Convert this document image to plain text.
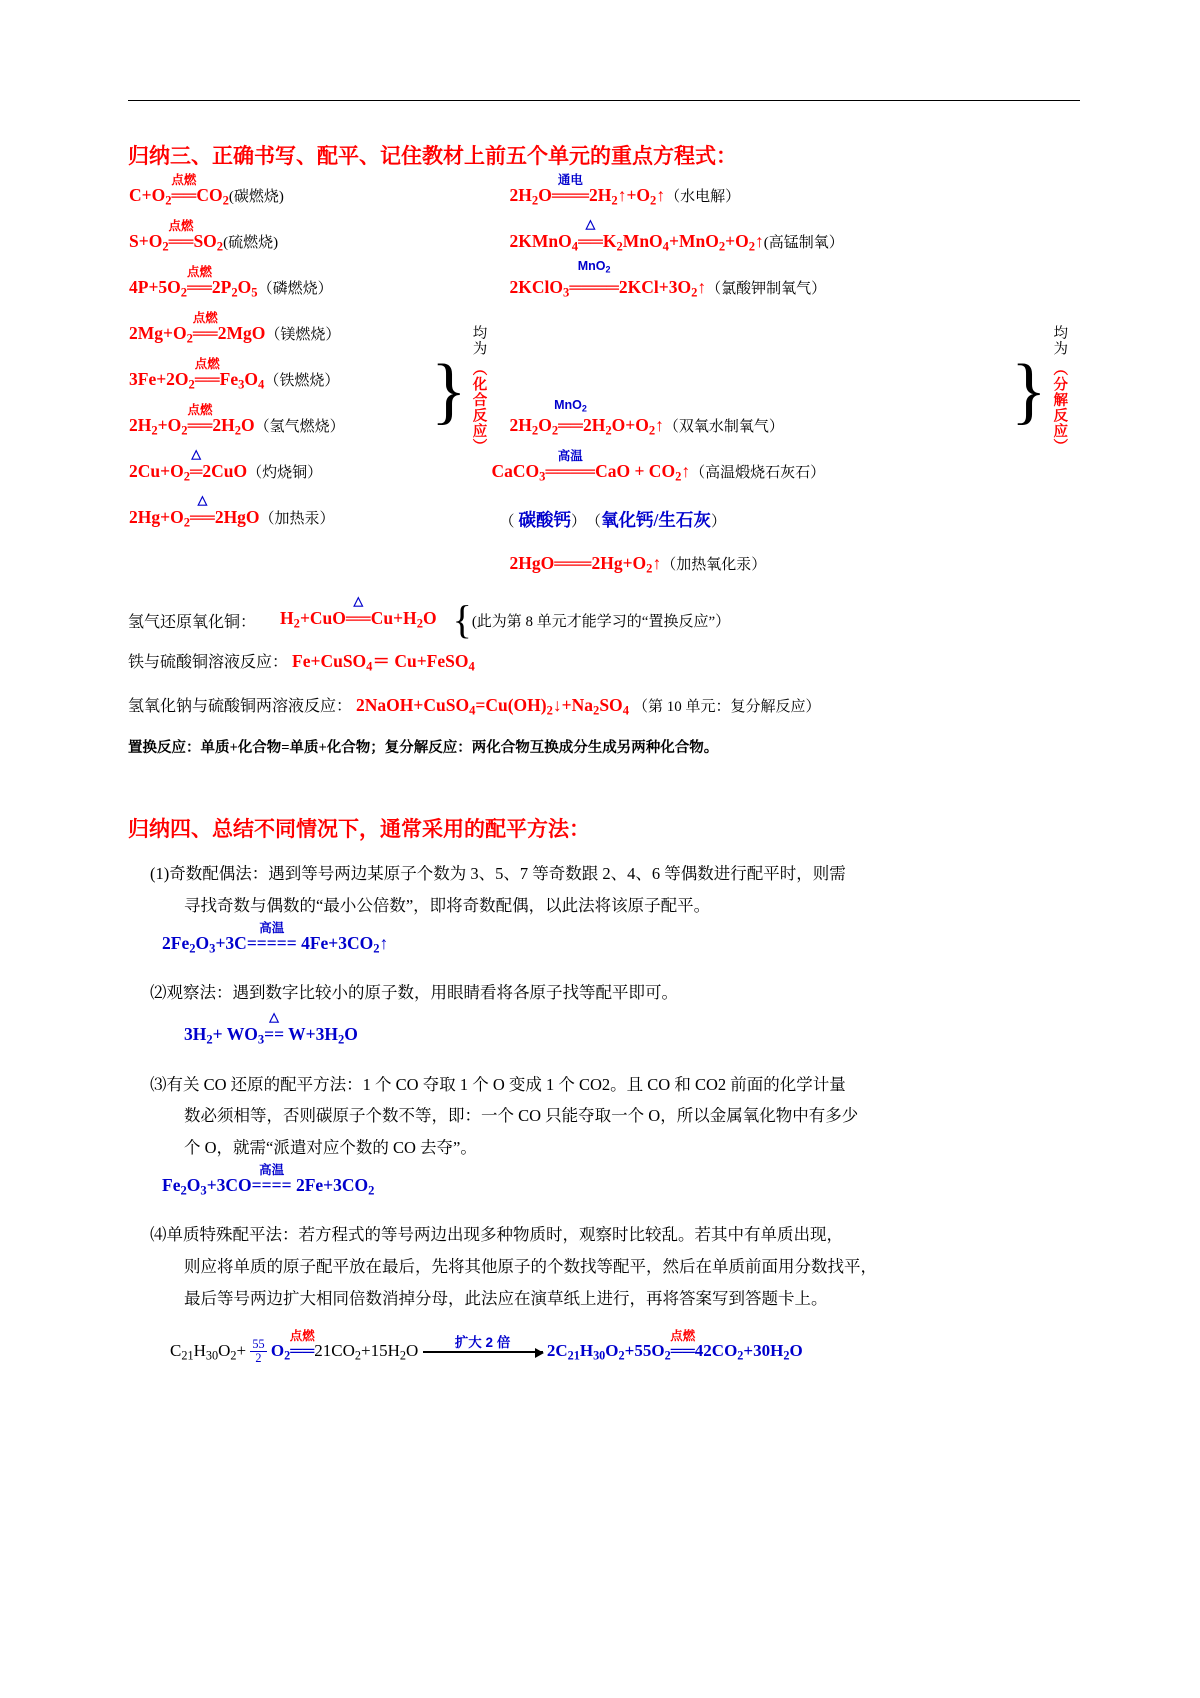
归纳三、正确书写、配平、记住教材上前五个单元的重点方程式：
$C+O_2$
点燃
$══CO_2$(碳燃烧)
$S+O_2$
点燃
$══SO_2$(硫燃烧)
$4P+5O_2$
点燃
$══2P_2O_5$（磷燃烧）
$2Mg+O_2$
点燃
══2MgO（镁燃烧）
$3Fe+2O_2$
点燃
$══Fe_3O_4$（铁燃烧）
$2H_2+O_2$
点燃
$══2H_2O$（氢气燃烧）
$2Cu+O_2$
△
═2CuO（灼烧铜）
$2Hg+O_2$
△
══2HgO（加热汞）

}
均为 （化合反应）

$2H_2O$
通电
$═══2H_2↑+O_2↑$（水电解）
2KMnO$_4$
△
$══K_2MnO_4+MnO_2+O_2↑$(高锰制氧）
2KClO$_3$
MnO$_2$
$════2KCl+3O_2↑$（氯酸钾制氧气）
$2H_2O_2$
MnO$_2$
$══2H_2O+O_2↑$（双氧水制氧气）
CaCO$_3$
高温
════CaO + $CO_2↑$（高温煅烧石灰石）
（ 碳酸钙）　（氧化钙/生石灰）
$2HgO═══2Hg+O_2↑$（加热氧化汞）

}
均为 （分解反应）
氢气还原氧化铜： $H_2+CuO$
△
$══Cu+H_2O$ { (此为第 8 单元才能学习的“置换反应”）
铁与硫酸铜溶液反应： Fe+CuSO$_4$＝ Cu+FeSO$_4$
氢氧化钠与硫酸铜两溶液反应： $2NaOH+CuSO_4=Cu(OH)_2↓+Na_2SO_4$ （第 10 单元：复分解反应）
置换反应：单质+化合物=单质+化合物；复分解反应：两化合物互换成分生成另两种化合物。
归纳四、总结不同情况下，通常采用的配平方法：
(1)奇数配偶法：遇到等号两边某原子个数为 3、5、7 等奇数跟 2、4、6 等偶数进行配平时，则需
寻找奇数与偶数的“最小公倍数”，即将奇数配偶，以此法将该原子配平。
$2Fe_2O_3+3C$
高温
===== $4Fe+3CO_2↑$
⑵观察法：遇到数字比较小的原子数，用眼睛看将各原子找等配平即可。
$3H_2+ WO_3$
△
== $W+3H_2O$
⑶有关 CO 还原的配平方法：1 个 CO 夺取 1 个 O 变成 1 个 CO2。且 CO 和 CO2 前面的化学计量
数必须相等，否则碳原子个数不等，即：一个 CO 只能夺取一个 O，所以金属氧化物中有多少
个 O，就需“派遣对应个数的 CO 去夺”。
$Fe_2O_3+3CO$
高温
==== $2Fe+3CO_2$
⑷单质特殊配平法：若方程式的等号两边出现多种物质时，观察时比较乱。若其中有单质出现，
则应将单质的原子配平放在最后，先将其他原子的个数找等配平，然后在单质前面用分数找平，
最后等号两边扩大相同倍数消掉分母，此法应在演草纸上进行，再将答案写到答题卡上。
$C_{21}H_{30}O_2+ \frac{55}{2} O_2$
点燃
$══21CO_2+15H_2O$ 扩大 2 倍 $2C_{21}H_{30}O_2+55O_2$
点燃
$══42CO_2+30H_2O$
